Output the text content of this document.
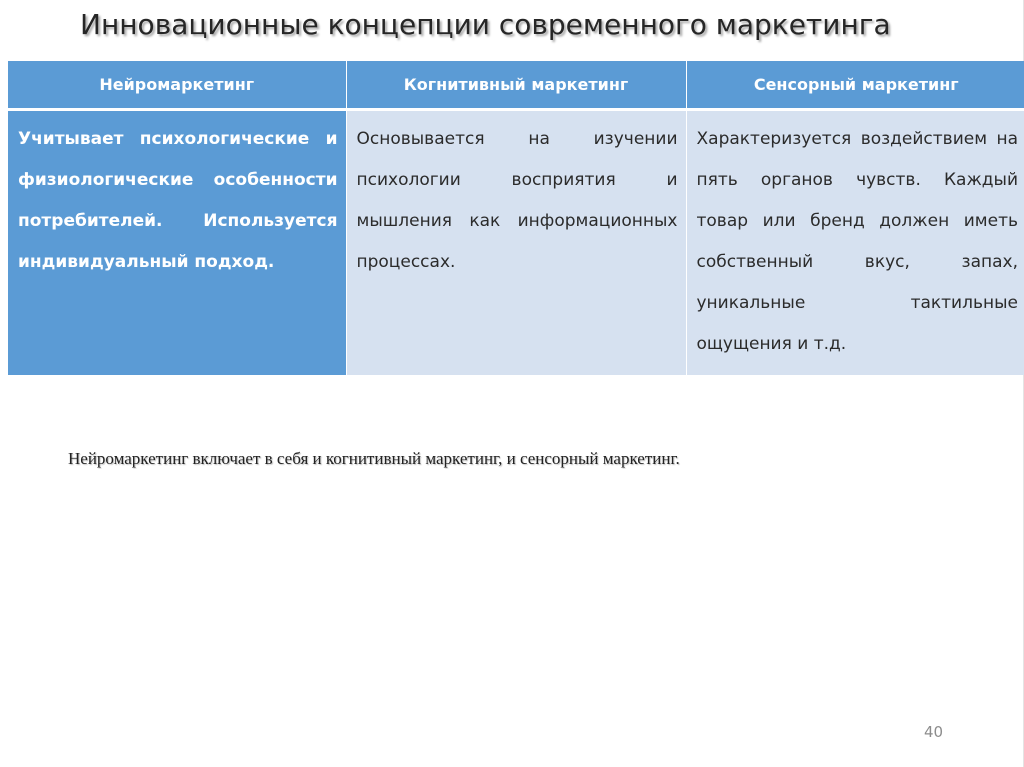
Инновационные концепции современного маркетинга
Нейромаркетинг	Когнитивный маркетинг	Сенсорный маркетинг
Учитывает психологические и физиологические особенности потребителей. Используется индивидуальный подход.	Основывается на изучении психологии восприятия и мышления как информационных процессах.	Характеризуется воздействием на пять органов чувств. Каждый товар или бренд должен иметь собственный вкус, запах, уникальные тактильные ощущения и т.д.

Нейромаркетинг включает в себя и когнитивный маркетинг, и сенсорный маркетинг.

40
